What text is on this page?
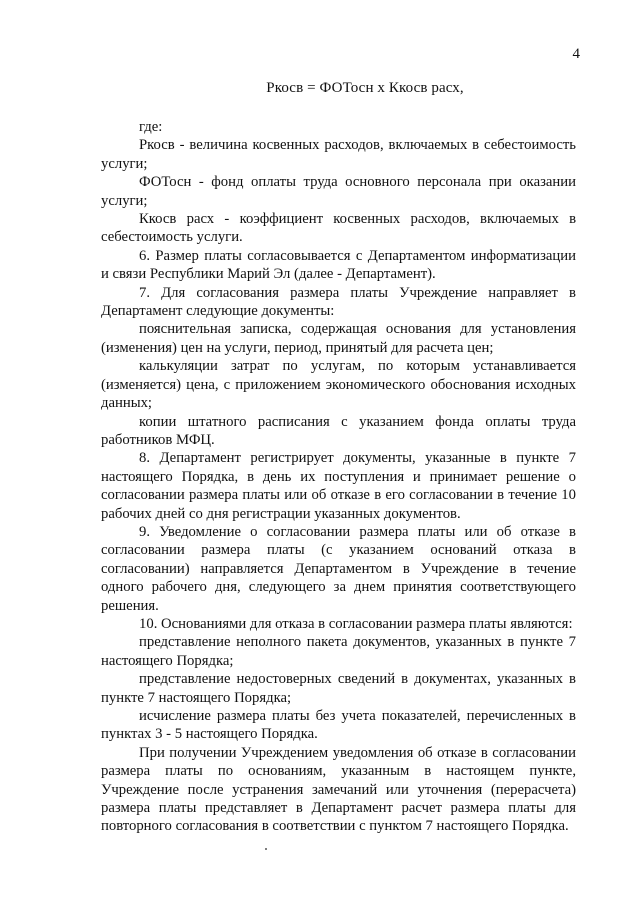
4
Ркосв = ФОТосн х Ккосв расх,

где:

Ркосв - величина косвенных расходов, включаемых в себестоимость услуги;

ФОТосн - фонд оплаты труда основного персонала при оказании услуги;

Ккосв расх - коэффициент косвенных расходов, включаемых в себестоимость услуги.

6. Размер платы согласовывается с Департаментом информатизации и связи Республики Марий Эл (далее - Департамент).

7. Для согласования размера платы Учреждение направляет в Департамент следующие документы:

пояснительная записка, содержащая основания для установления (изменения) цен на услуги, период, принятый для расчета цен;

калькуляции затрат по услугам, по которым устанавливается (изменяется) цена, с приложением экономического обоснования исходных данных;

копии штатного расписания с указанием фонда оплаты труда работников МФЦ.

8. Департамент регистрирует документы, указанные в пункте 7 настоящего Порядка, в день их поступления и принимает решение о согласовании размера платы или об отказе в его согласовании в течение 10 рабочих дней со дня регистрации указанных документов.

9. Уведомление о согласовании размера платы или об отказе в согласовании размера платы (с указанием оснований отказа в согласовании) направляется Департаментом в Учреждение в течение одного рабочего дня, следующего за днем принятия соответствующего решения.

10. Основаниями для отказа в согласовании размера платы являются:

представление неполного пакета документов, указанных в пункте 7 настоящего Порядка;

представление недостоверных сведений в документах, указанных в пункте 7 настоящего Порядка;

исчисление размера платы без учета показателей, перечисленных в пунктах 3 - 5 настоящего Порядка.

При получении Учреждением уведомления об отказе в согласовании размера платы по основаниям, указанным в настоящем пункте, Учреждение после устранения замечаний или уточнения (перерасчета) размера платы представляет в Департамент расчет размера платы для повторного согласования в соответствии с пунктом 7 настоящего Порядка.
